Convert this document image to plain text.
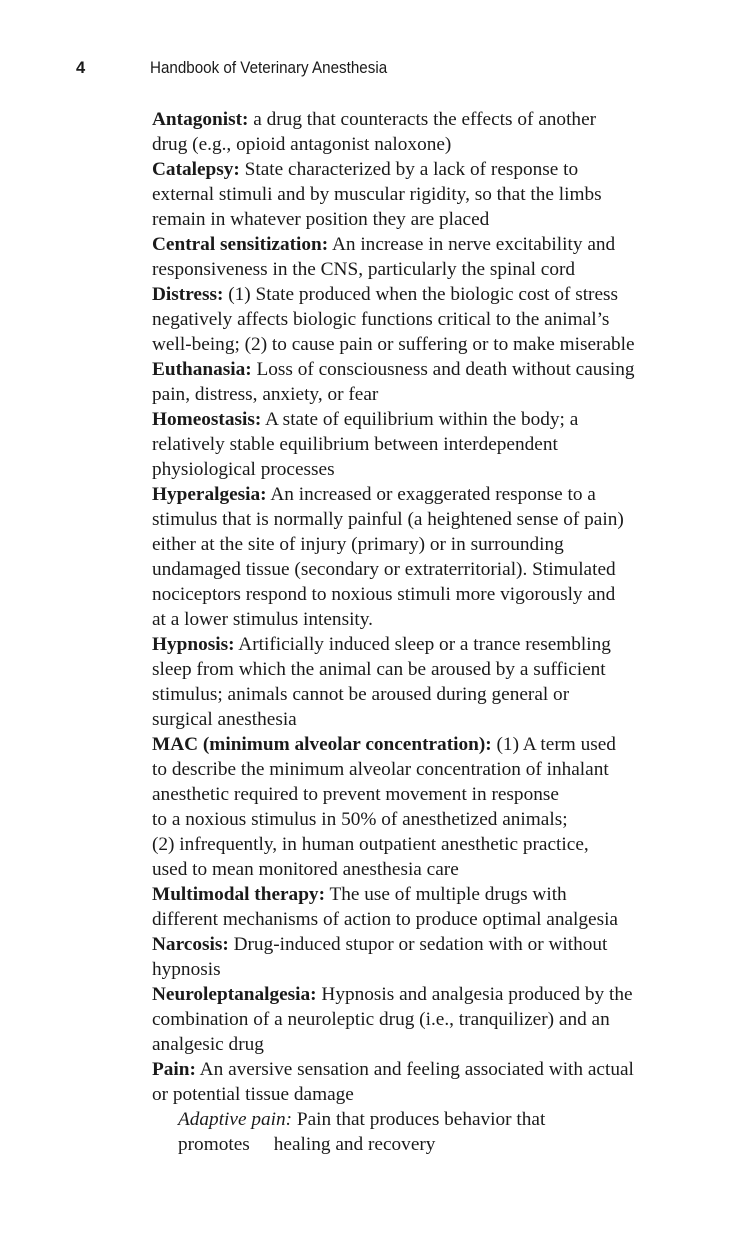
4	Handbook of Veterinary Anesthesia

Antagonist: a drug that counteracts the effects of another
drug (e.g., opioid antagonist naloxone)

Catalepsy: State characterized by a lack of response to
external stimuli and by muscular rigidity, so that the limbs
remain in whatever position they are placed

Central sensitization: An increase in nerve excitability and
responsiveness in the CNS, particularly the spinal cord

Distress: (1) State produced when the biologic cost of stress
negatively affects biologic functions critical to the animal’s
well-being; (2) to cause pain or suffering or to make miserable

Euthanasia: Loss of consciousness and death without causing
pain, distress, anxiety, or fear

Homeostasis: A state of equilibrium within the body; a
relatively stable equilibrium between interdependent
physiological processes

Hyperalgesia: An increased or exaggerated response to a
stimulus that is normally painful (a heightened sense of pain)
either at the site of injury (primary) or in surrounding
undamaged tissue (secondary or extraterritorial). Stimulated
nociceptors respond to noxious stimuli more vigorously and
at a lower stimulus intensity.

Hypnosis: Artificially induced sleep or a trance resembling
sleep from which the animal can be aroused by a sufficient
stimulus; animals cannot be aroused during general or
surgical anesthesia

MAC (minimum alveolar concentration): (1) A term used
to describe the minimum alveolar concentration of inhalant
anesthetic required to prevent movement in response
to a noxious stimulus in 50% of anesthetized animals;
(2) infrequently, in human outpatient anesthetic practice,
used to mean monitored anesthesia care

Multimodal therapy: The use of multiple drugs with
different mechanisms of action to produce optimal analgesia

Narcosis: Drug-induced stupor or sedation with or without
hypnosis

Neuroleptanalgesia: Hypnosis and analgesia produced by the
combination of a neuroleptic drug (i.e., tranquilizer) and an
analgesic drug

Pain: An aversive sensation and feeling associated with actual
or potential tissue damage

Adaptive pain: Pain that produces behavior that promotes healing and recovery
